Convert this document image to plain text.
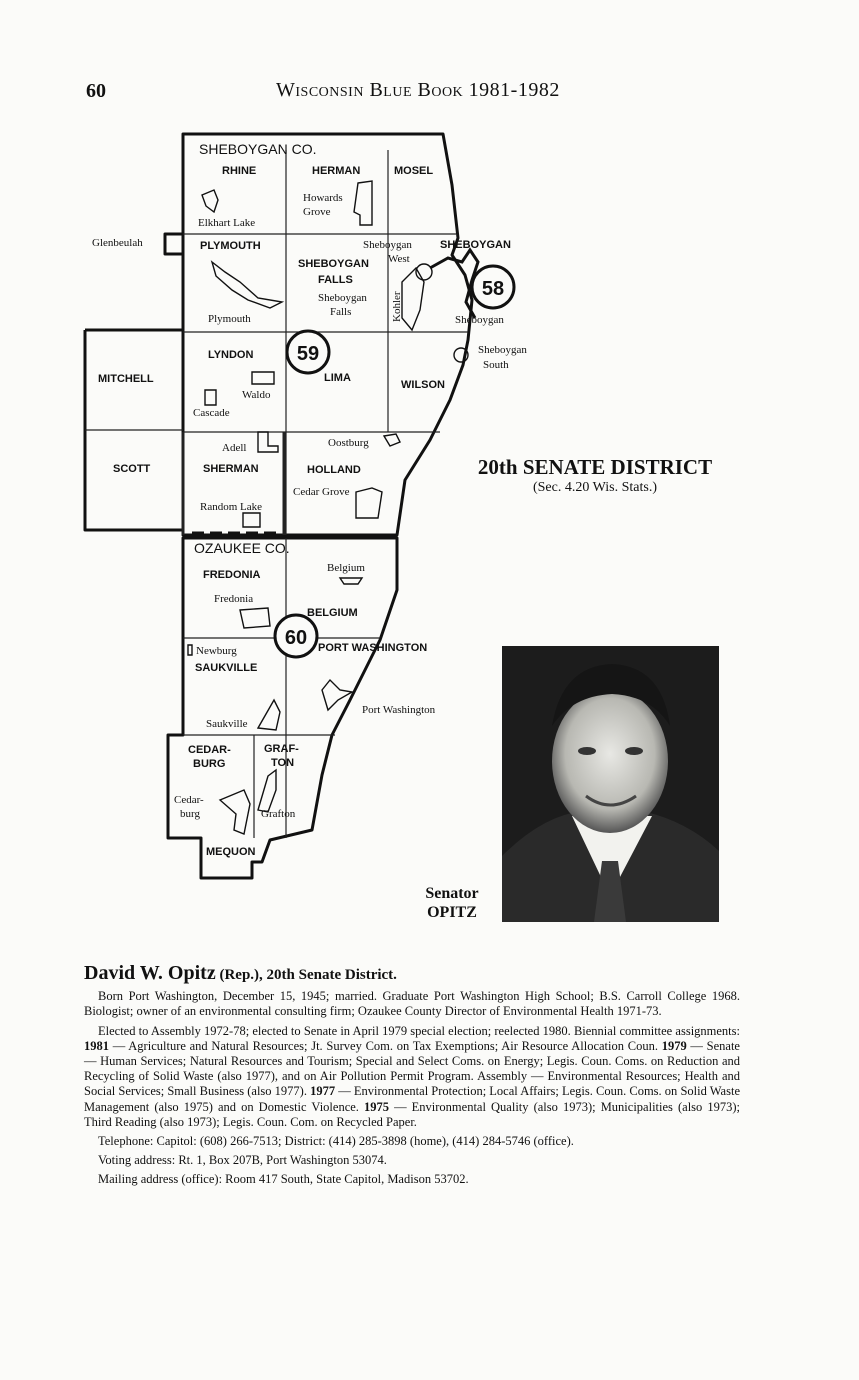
60	Wisconsin Blue Book 1981-1982
58
59
60
SHEBOYGAN CO.
OZAUKEE CO.
RHINE	HERMAN	MOSEL
PLYMOUTH
SHEBOYGAN
FALLS
SHEBOYGAN
LYNDON
LIMA
WILSON
MITCHELL
SCOTT	SHERMAN	HOLLAND
FREDONIA
BELGIUM
PORT WASHINGTON
SAUKVILLE
CEDAR-
BURG
GRAF-
TON
MEQUON
Elkhart Lake
Howards
Grove
Glenbeulah	Sheboygan
West
Plymouth
Sheboygan
Falls	Kohler	Sheboygan
Sheboygan
South
Waldo
Cascade
Adell	Oostburg
Cedar Grove
Random Lake
Belgium
Fredonia
Newburg
Port Washington
Saukville
Cedar-
burg	Grafton
20th SENATE DISTRICT
(Sec. 4.20 Wis. Stats.)
Senator
OPITZ
David W. Opitz (Rep.), 20th Senate District.

Born Port Washington, December 15, 1945; married. Graduate Port Washington High School; B.S. Carroll College 1968. Biologist; owner of an environmental consulting firm; Ozaukee County Director of Environmental Health 1971-73.

Elected to Assembly 1972-78; elected to Senate in April 1979 special election; reelected 1980. Biennial committee assignments: 1981 — Agriculture and Natural Resources; Jt. Survey Com. on Tax Exemptions; Air Resource Allocation Coun. 1979 — Senate — Human Services; Natural Resources and Tourism; Special and Select Coms. on Energy; Legis. Coun. Coms. on Reduction and Recycling of Solid Waste (also 1977), and on Air Pollution Permit Program. Assembly — Environmental Resources; Health and Social Services; Small Business (also 1977). 1977 — Environmental Protection; Local Affairs; Legis. Coun. Coms. on Solid Waste Management (also 1975) and on Domestic Violence. 1975 — Environmental Quality (also 1973); Municipalities (also 1973); Third Reading (also 1973); Legis. Coun. Com. on Recycled Paper.

Telephone: Capitol: (608) 266-7513; District: (414) 285-3898 (home), (414) 284-5746 (office).

Voting address: Rt. 1, Box 207B, Port Washington 53074.

Mailing address (office): Room 417 South, State Capitol, Madison 53702.
